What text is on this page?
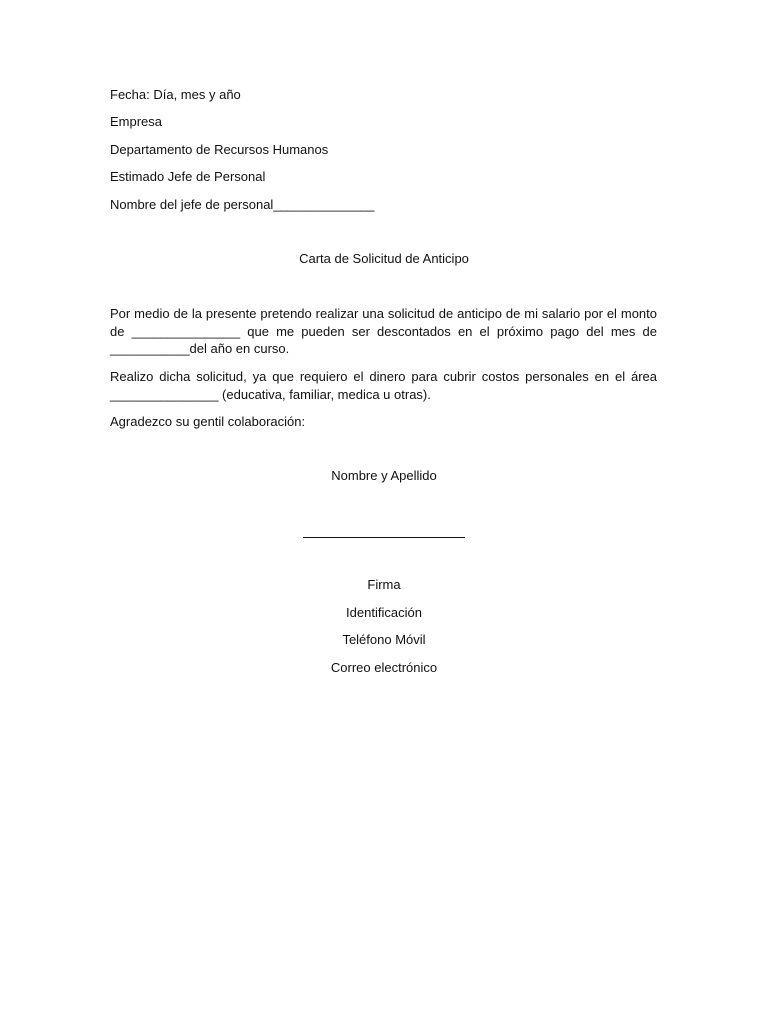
Fecha: Día, mes y año
Empresa
Departamento de Recursos Humanos
Estimado Jefe de Personal
Nombre del jefe de personal______________
Carta de Solicitud de Anticipo
Por medio de la presente pretendo realizar una solicitud de anticipo de mi salario por el monto
de _______________ que me pueden ser descontados en el próximo pago del mes de
___________del año en curso.
Realizo dicha solicitud, ya que requiero el dinero para cubrir costos personales en el área
_______________ (educativa, familiar, medica u otras).
Agradezco su gentil colaboración:
Nombre y Apellido
Firma
Identificación
Teléfono Móvil
Correo electrónico
